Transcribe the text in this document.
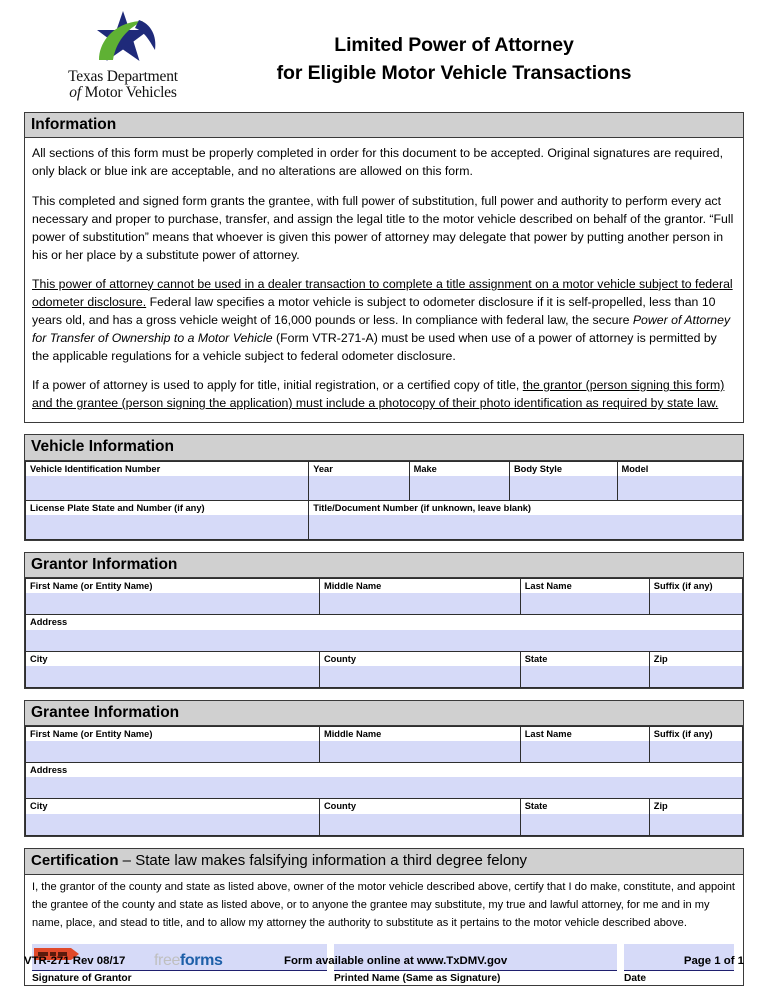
Texas Department
of Motor Vehicles
Limited Power of Attorney
for Eligible Motor Vehicle Transactions
Information

All sections of this form must be properly completed in order for this document to be accepted. Original signatures are required, only black or blue ink are acceptable, and no alterations are allowed on this form.

This completed and signed form grants the grantee, with full power of substitution, full power and authority to perform every act necessary and proper to purchase, transfer, and assign the legal title to the motor vehicle described on behalf of the grantor. “Full power of substitution” means that whoever is given this power of attorney may delegate that power by putting another person in his or her place by a substitute power of attorney.

This power of attorney cannot be used in a dealer transaction to complete a title assignment on a motor vehicle subject to federal odometer disclosure. Federal law specifies a motor vehicle is subject to odometer disclosure if it is self-propelled, less than 10 years old, and has a gross vehicle weight of 16,000 pounds or less. In compliance with federal law, the secure Power of Attorney for Transfer of Ownership to a Motor Vehicle (Form VTR-271-A) must be used when use of a power of attorney is permitted by the applicable regulations for a vehicle subject to federal odometer disclosure.

If a power of attorney is used to apply for title, initial registration, or a certified copy of title, the grantor (person signing this form) and the grantee (person signing the application) must include a photocopy of their photo identification as required by state law.

Vehicle Information
Vehicle Identification Number	Year	Make	Body Style	Model

License Plate State and Number (if any)	Title/Document Number (if unknown, leave blank)			
Grantor Information
First Name (or Entity Name)	Middle Name	Last Name	Suffix (if any)

Address			

City	County	State	Zip
Grantee Information
First Name (or Entity Name)	Middle Name	Last Name	Suffix (if any)

Address			

City	County	State	Zip
Certification – State law makes falsifying information a third degree felony

I, the grantor of the county and state as listed above, owner of the motor vehicle described above, certify that I do make, constitute, and appoint the grantee of the county and state as listed above, or to anyone the grantee may substitute, my true and lawful attorney, for me and in my name, place, and stead to title, and to allow my attorney the authority to substitute as it pertains to the motor vehicle described above.

Signature of Grantor	Printed Name (Same as Signature)	Date
VTR-271 Rev 08/17	freeforms	Form available online at www.TxDMV.gov	Page 1 of 1
